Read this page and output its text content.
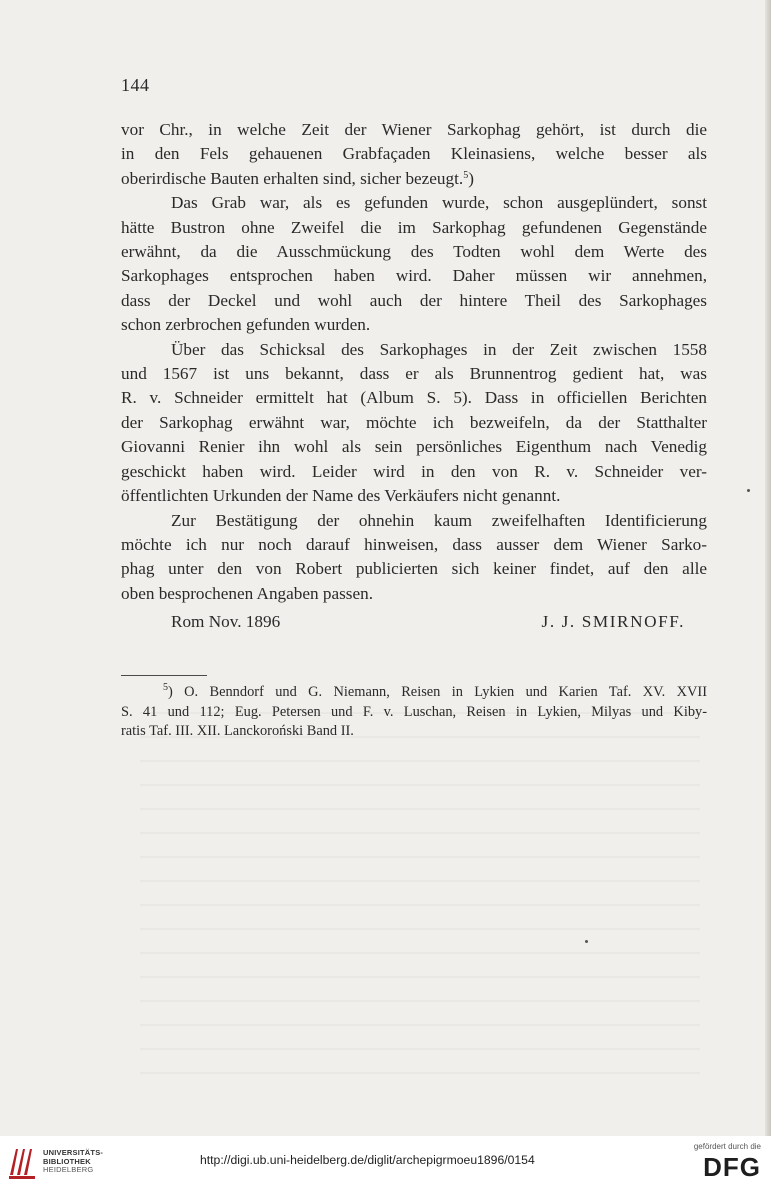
144

vor Chr., in welche Zeit der Wiener Sarkophag gehört, ist durch die
in den Fels gehauenen Grabfaçaden Kleinasiens, welche besser als

oberirdische Bauten erhalten sind, sicher bezeugt.$^5$)

Das Grab war, als es gefunden wurde, schon ausgeplündert, sonst
hätte Bustron ohne Zweifel die im Sarkophag gefundenen Gegenstände
erwähnt, da die Ausschmückung des Todten wohl dem Werte des
Sarkophages entsprochen haben wird. Daher müssen wir annehmen,
dass der Deckel und wohl auch der hintere Theil des Sarkophages

schon zerbrochen gefunden wurden.

Über das Schicksal des Sarkophages in der Zeit zwischen 1558
und 1567 ist uns bekannt, dass er als Brunnentrog gedient hat, was
R. v. Schneider ermittelt hat (Album S. 5). Dass in officiellen Berichten
der Sarkophag erwähnt war, möchte ich bezweifeln, da der Statthalter
Giovanni Renier ihn wohl als sein persönliches Eigenthum nach Venedig
geschickt haben wird. Leider wird in den von R. v. Schneider ver-

öffentlichten Urkunden der Name des Verkäufers nicht genannt.

Zur Bestätigung der ohnehin kaum zweifelhaften Identificierung
möchte ich nur noch darauf hinweisen, dass ausser dem Wiener Sarko-
phag unter den von Robert publicierten sich keiner findet, auf den alle

oben besprochenen Angaben passen.

Rom Nov. 1896	J. J. SMIRNOFF.

$^5$) O. Benndorf und G. Niemann, Reisen in Lykien und Karien Taf. XV. XVII
S. 41 und 112; Eug. Petersen und F. v. Luschan, Reisen in Lykien, Milyas und Kiby-

ratis Taf. III. XII. Lanckoroński Band II.

UNIVERSITÄTS-
BIBLIOTHEK
HEIDELBERG
http://digi.ub.uni-heidelberg.de/diglit/archepigrmoeu1896/0154
gefördert durch die
DFG
